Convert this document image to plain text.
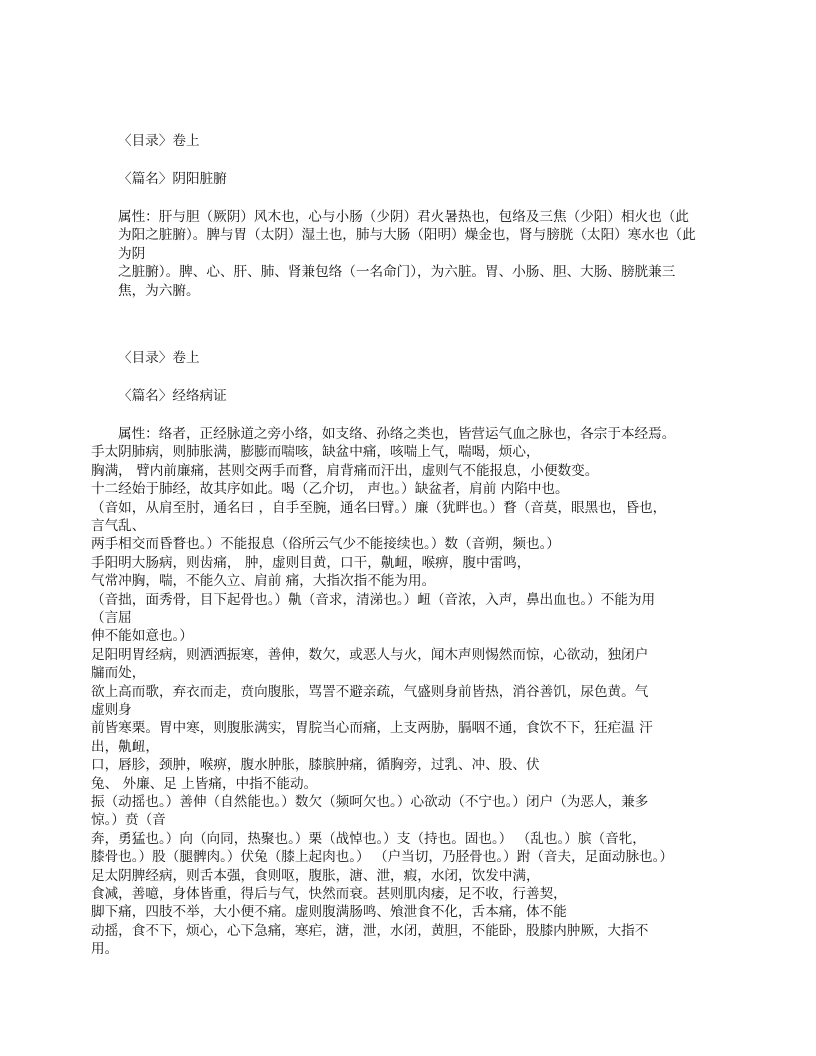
〈目录〉卷上
〈篇名〉阴阳脏腑
属性：肝与胆（厥阴）风木也，心与小肠（少阴）君火暑热也，包络及三焦（少阳）相火也（此
为阳之脏腑）。脾与胃（太阴）湿土也，肺与大肠（阳明）燥金也，肾与膀胱（太阳）寒水也（此
为阴
之脏腑）。脾、心、肝、肺、肾兼包络（一名命门），为六脏。胃、小肠、胆、大肠、膀胱兼三
焦，为六腑。
〈目录〉卷上
〈篇名〉经络病证
属性：络者，正经脉道之旁小络，如支络、孙络之类也，皆营运气血之脉也，各宗于本经焉。
手太阴肺病，则肺胀满，膨膨而喘咳，缺盆中痛，咳喘上气，喘喝，烦心，
胸满， 臂内前廉痛，甚则交两手而瞀，肩背痛而汗出，虚则气不能报息，小便数变。
十二经始于肺经，故其序如此。喝（乙介切， 声也。）缺盆者，肩前 内陷中也。
（音如，从肩至肘，通名曰 ，自手至腕，通名曰臂。）廉（犹畔也。）瞀（音莫，眼黑也，昏也，
言气乱、
两手相交而昏瞀也。）不能报息（俗所云气少不能接续也。）数（音朔，频也。）
手阳明大肠病，则齿痛， 肿，虚则目黄，口干，鼽衄，喉痹，腹中雷鸣，
气常冲胸，喘，不能久立、肩前 痛，大指次指不能为用。
（音拙，面秀骨，目下起骨也。）鼽（音求，清涕也。）衄（音浓，入声，鼻出血也。）不能为用
（言屈
伸不能如意也。）
足阳明胃经病，则洒洒振寒，善伸，数欠，或恶人与火，闻木声则惕然而惊，心欲动，独闭户
牖而处，
欲上高而歌，弃衣而走，贲向腹胀，骂詈不避亲疏，气盛则身前皆热，消谷善饥，尿色黄。气
虚则身
前皆寒栗。胃中寒，则腹胀满实，胃脘当心而痛，上支两胁，膈咽不通，食饮不下，狂疟温 汗
出，鼽衄，
口，唇胗，颈肿，喉痹，腹水肿胀，膝膑肿痛，循胸旁，过乳、冲、股、伏
兔、 外廉、足 上皆痛，中指不能动。
振（动摇也。）善伸（自然能也。）数欠（频呵欠也。）心欲动（不宁也。）闭户（为恶人，兼多
惊。）贲（音
奔，勇猛也。）向（向同，热聚也。）栗（战悼也。）支（持也。固也。） （乱也。）膑（音牝，
膝骨也。）股（腿髀肉。）伏兔（膝上起肉也。） （户当切，乃胫骨也。）跗（音夫，足面动脉也。）
足太阴脾经病，则舌本强，食则呕，腹胀，溏、泄，瘕，水闭，饮发中满，
食减，善噫，身体皆重，得后与气，快然而衰。甚则肌肉痿，足不收，行善契，
脚下痛，四肢不举，大小便不痛。虚则腹满肠鸣、飧泄食不化，舌本痛，体不能
动摇，食不下，烦心，心下急痛，寒疟，溏，泄，水闭，黄胆，不能卧，股膝内肿厥，大指不
用。
